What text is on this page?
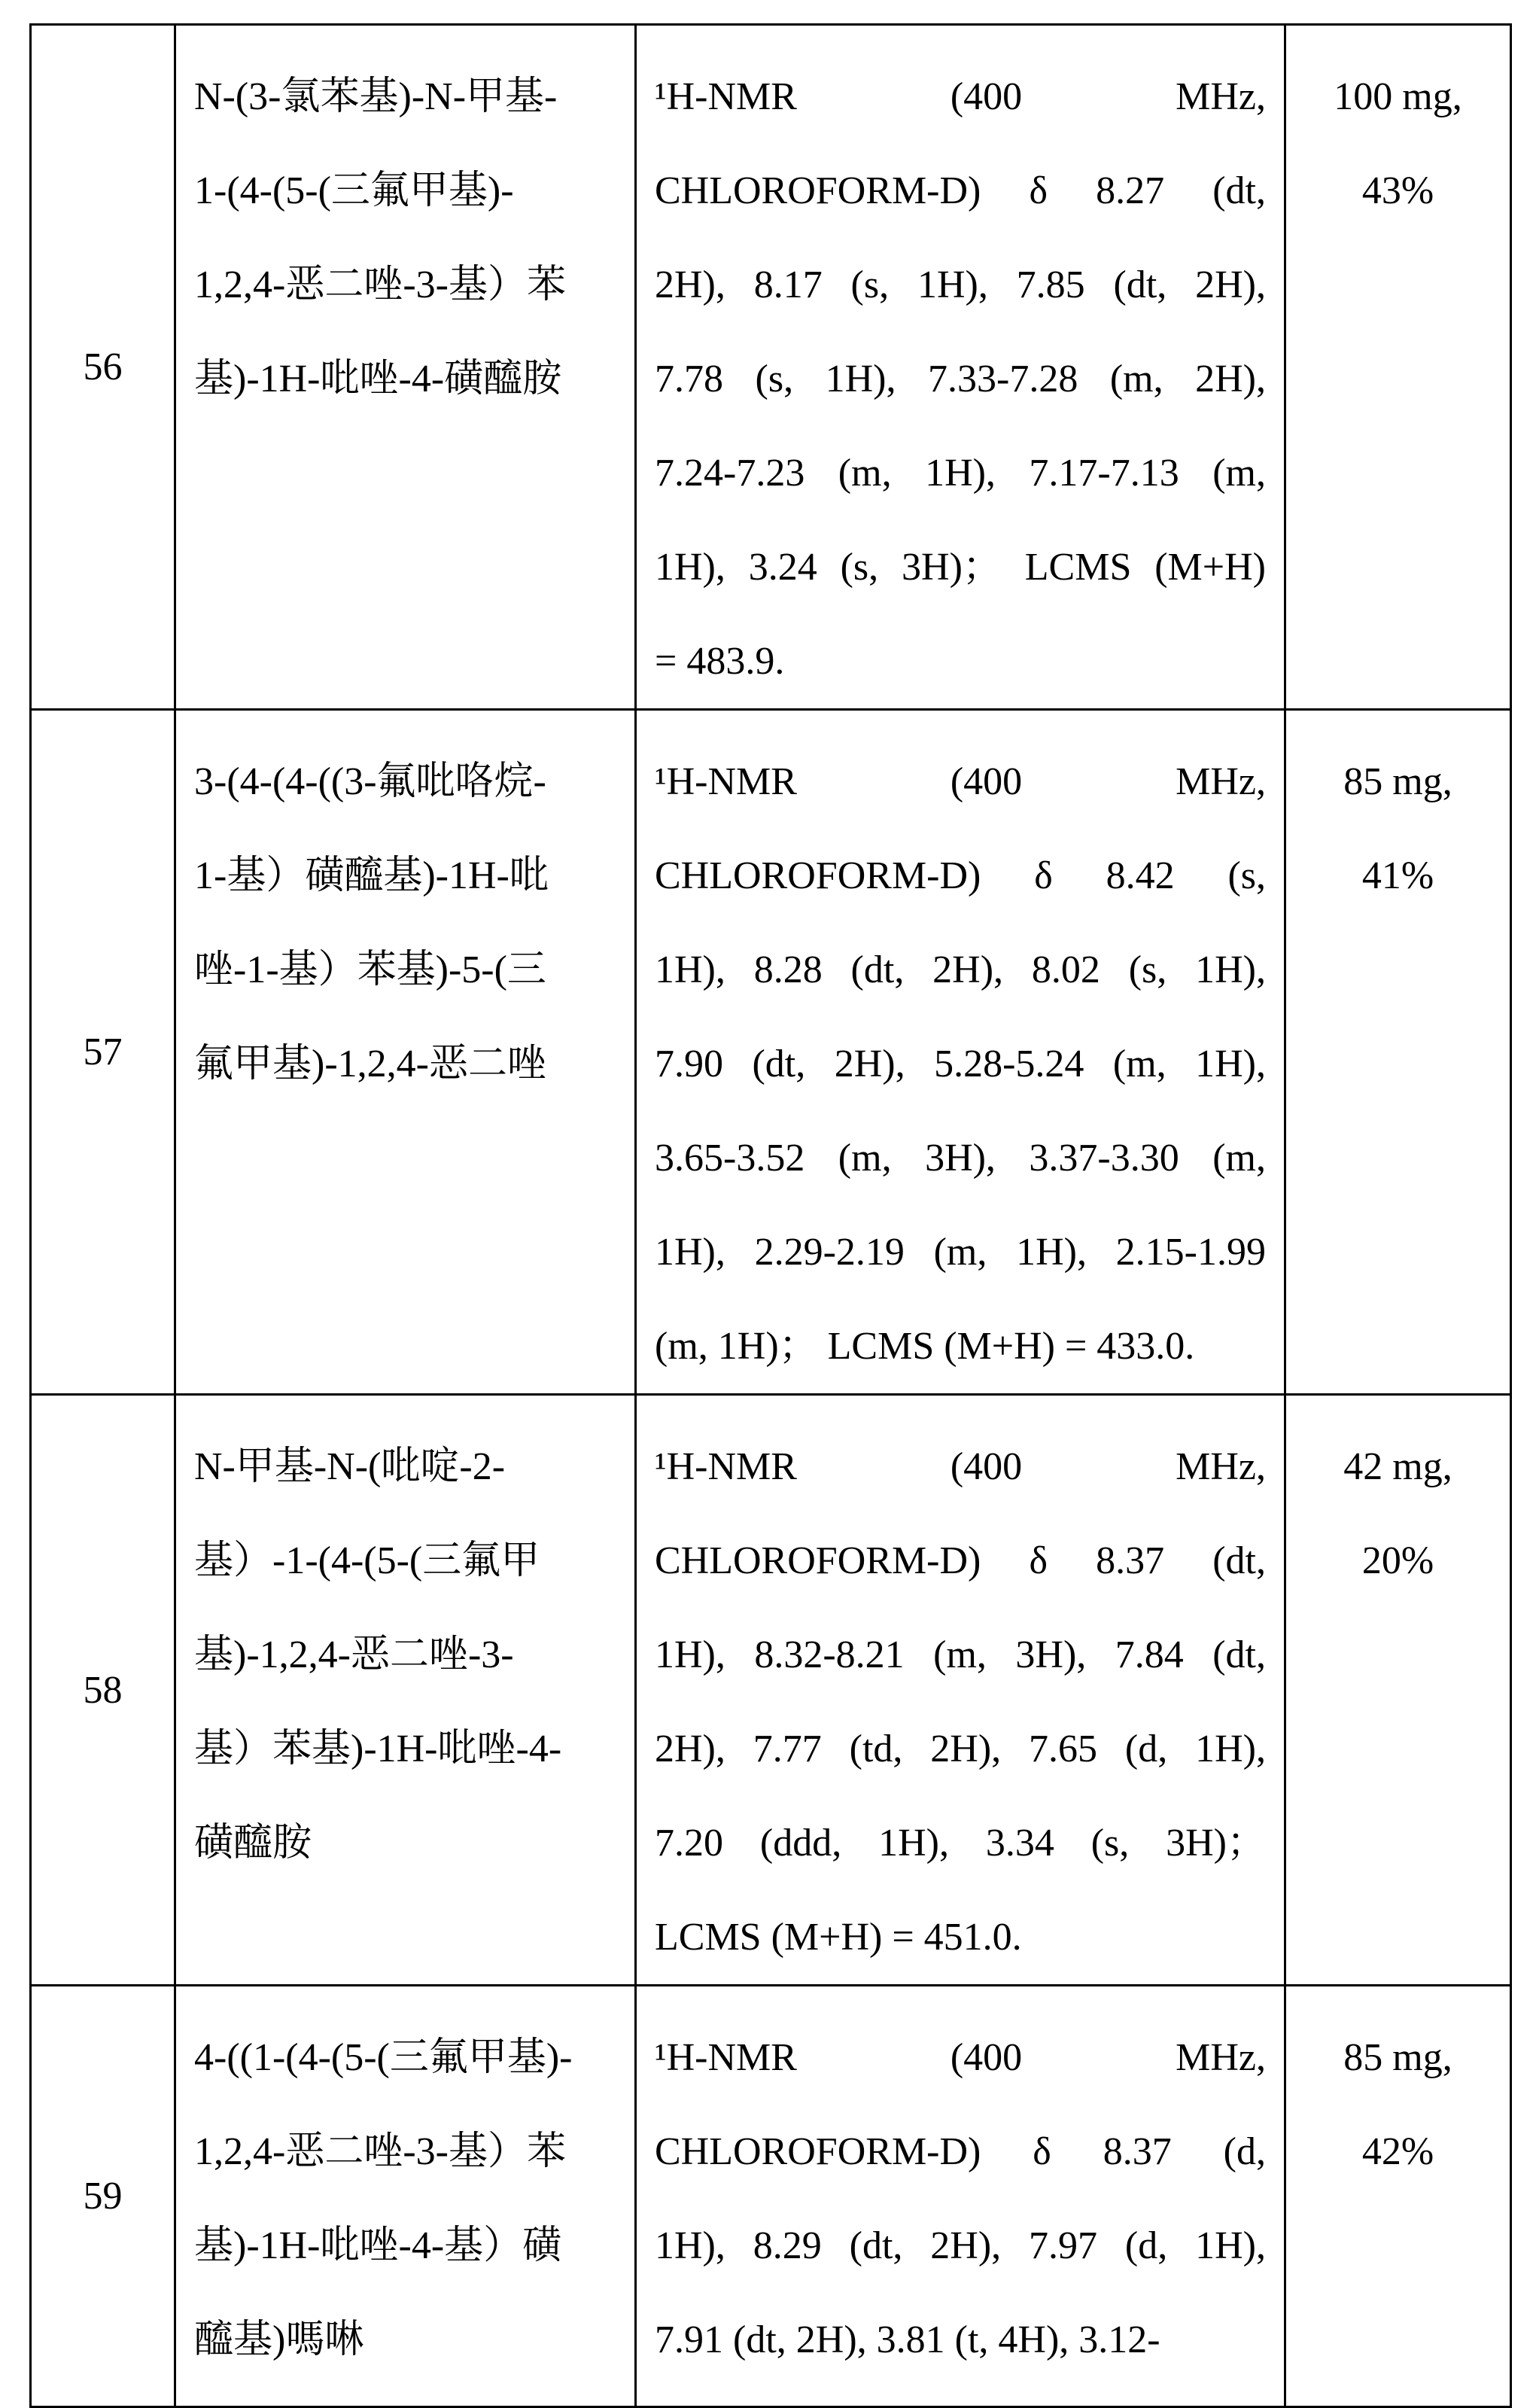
56	
N-(3-氯苯基)-N-甲基-
1-(4-(5-(三氟甲基)-
1,2,4-恶二唑-3-基）苯
基)-1H-吡唑-4-磺醯胺

¹H-NMR (400 MHz,
CHLOROFORM-D) δ 8.27 (dt,
2H), 8.17 (s, 1H), 7.85 (dt, 2H),
7.78 (s, 1H), 7.33-7.28 (m, 2H),
7.24-7.23 (m, 1H), 7.17-7.13 (m,
1H), 3.24 (s, 3H)； LCMS (M+H)
= 483.9.

100 mg,
43%

57	
3-(4-(4-((3-氟吡咯烷-
1-基）磺醯基)-1H-吡
唑-1-基）苯基)-5-(三
氟甲基)-1,2,4-恶二唑

¹H-NMR (400 MHz,
CHLOROFORM-D) δ 8.42 (s,
1H), 8.28 (dt, 2H), 8.02 (s, 1H),
7.90 (dt, 2H), 5.28-5.24 (m, 1H),
3.65-3.52 (m, 3H), 3.37-3.30 (m,
1H), 2.29-2.19 (m, 1H), 2.15-1.99
(m, 1H)； LCMS (M+H) = 433.0.

85 mg,
41%

58	
N-甲基-N-(吡啶-2-
基）-1-(4-(5-(三氟甲
基)-1,2,4-恶二唑-3-
基）苯基)-1H-吡唑-4-
磺醯胺

¹H-NMR (400 MHz,
CHLOROFORM-D) δ 8.37 (dt,
1H), 8.32-8.21 (m, 3H), 7.84 (dt,
2H), 7.77 (td, 2H), 7.65 (d, 1H),
7.20 (ddd, 1H), 3.34 (s, 3H)；
LCMS (M+H) = 451.0.

42 mg,
20%

59	
4-((1-(4-(5-(三氟甲基)-
1,2,4-恶二唑-3-基）苯
基)-1H-吡唑-4-基）磺
醯基)嗎啉

¹H-NMR (400 MHz,
CHLOROFORM-D) δ 8.37 (d,
1H), 8.29 (dt, 2H), 7.97 (d, 1H),
7.91 (dt, 2H), 3.81 (t, 4H), 3.12-

85 mg,
42%
